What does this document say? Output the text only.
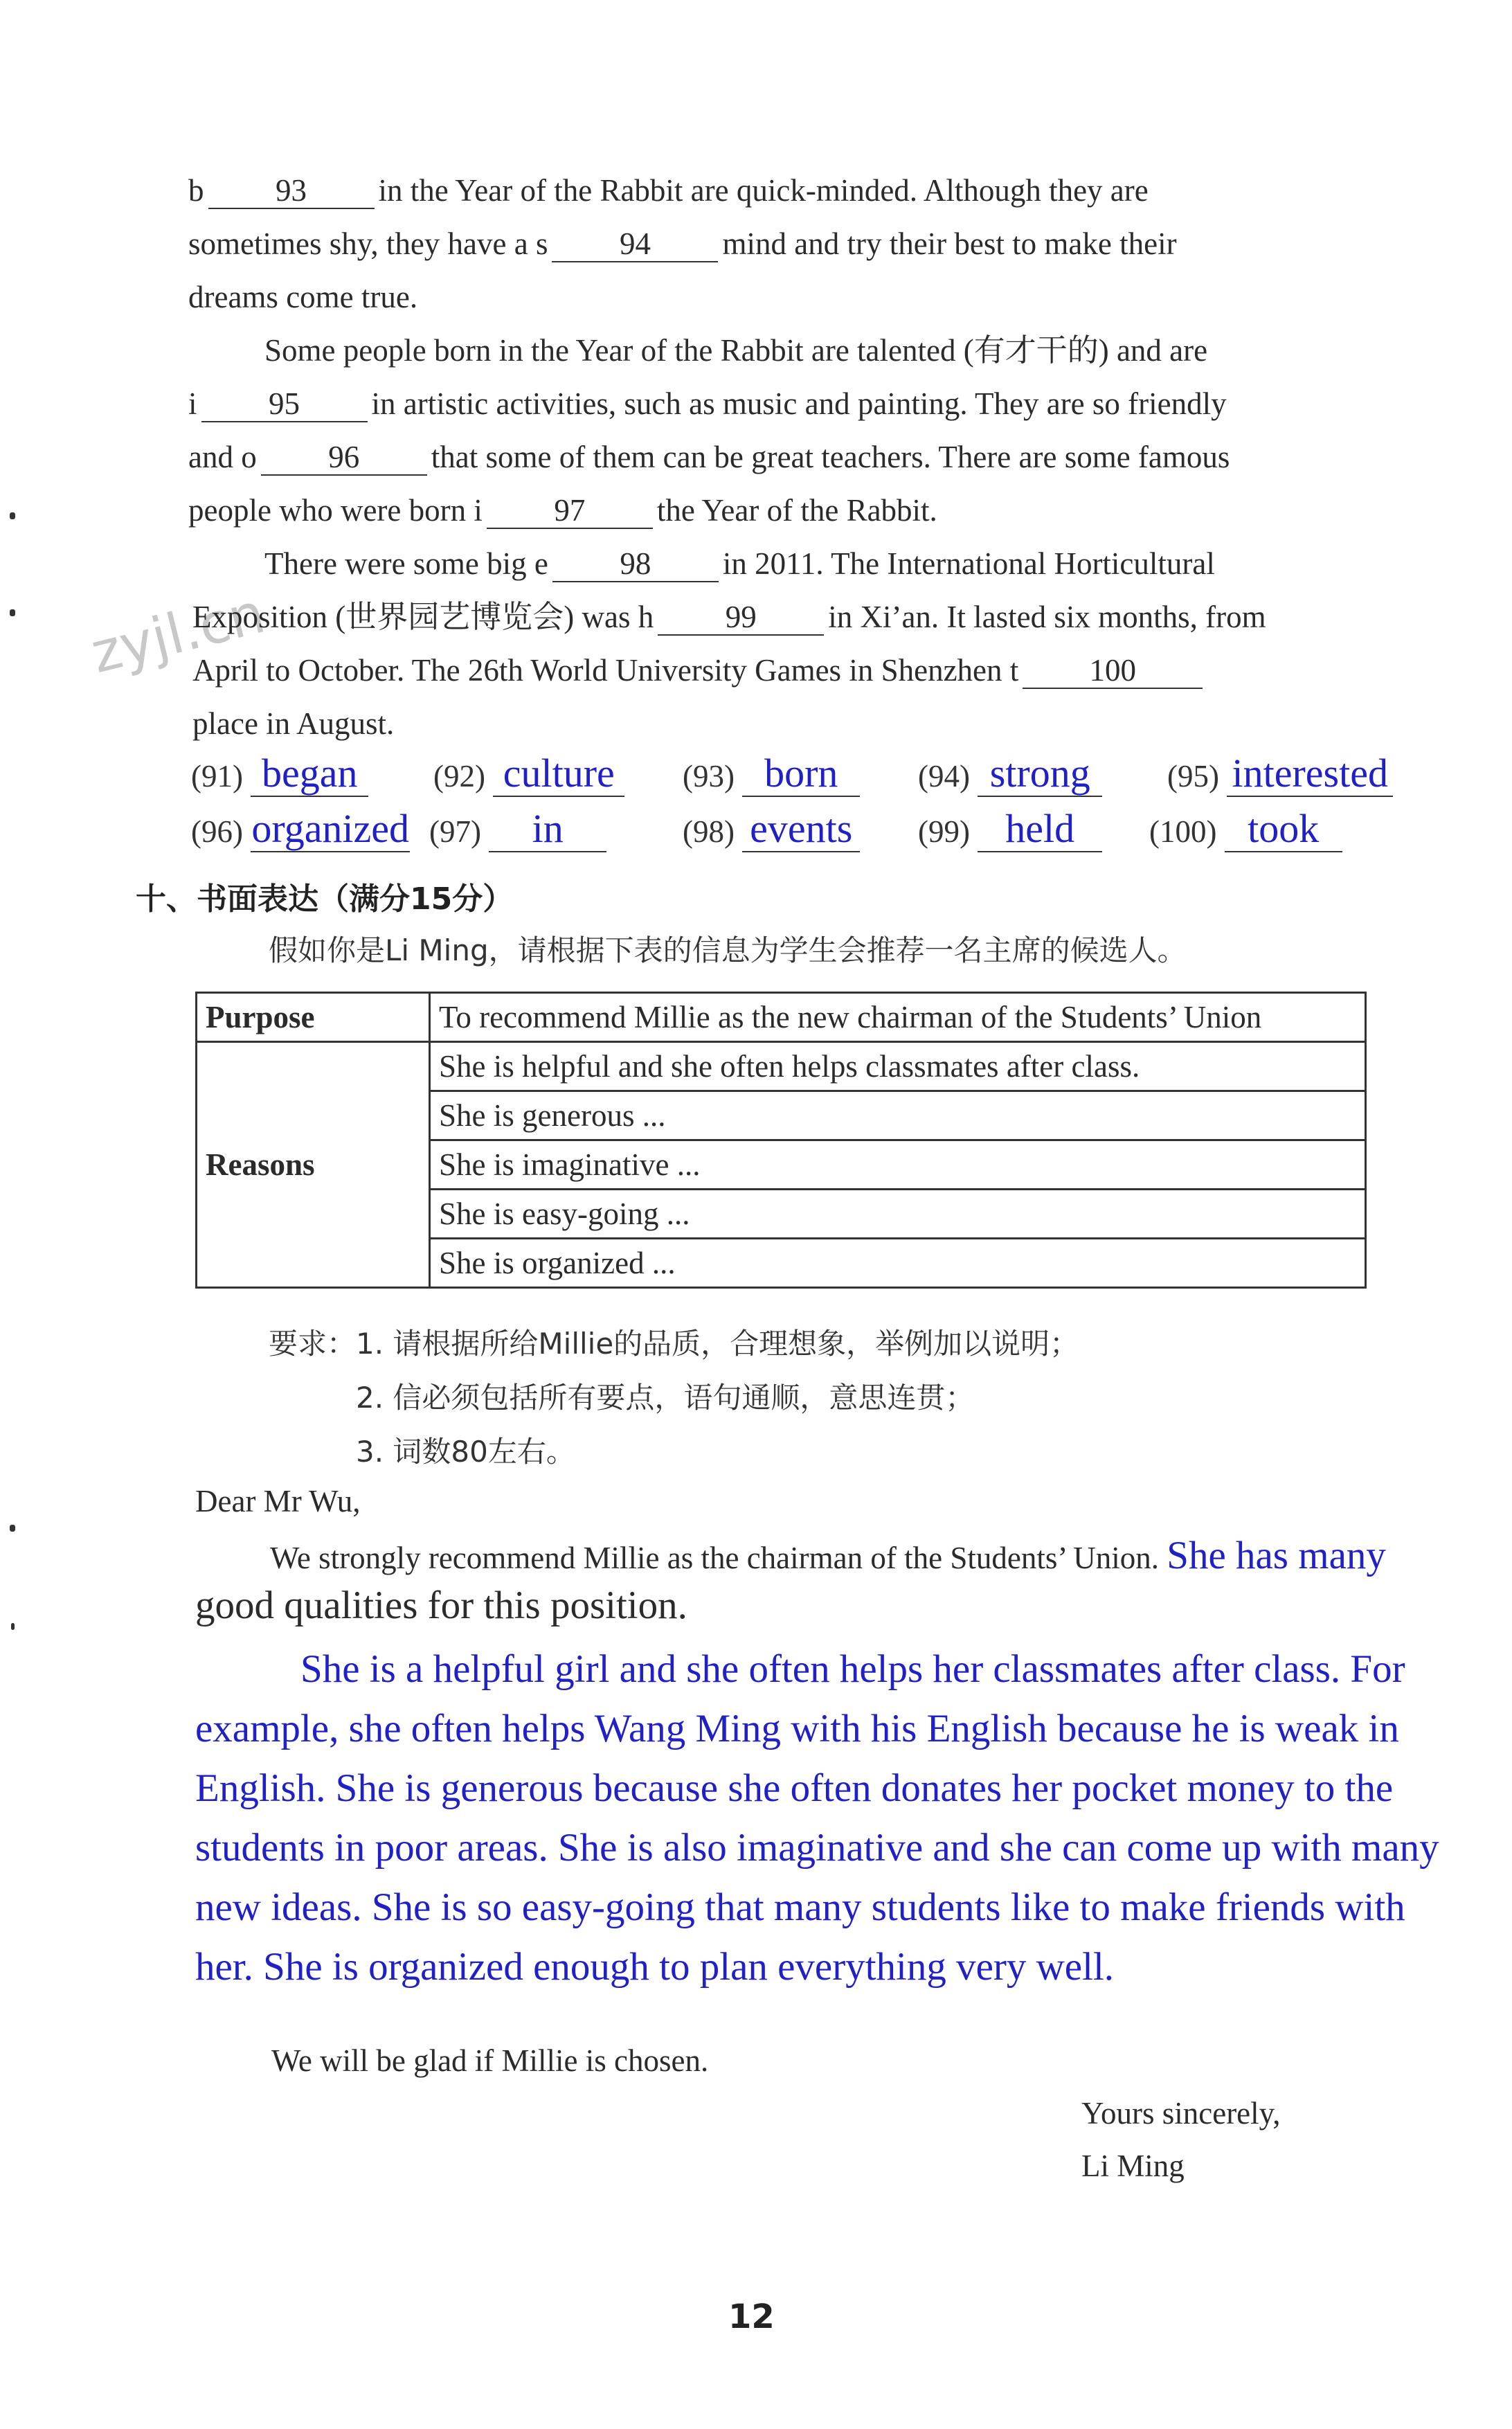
zyjl.cn
b 93 in the Year of the Rabbit are quick-minded. Although they are
sometimes shy, they have a s 94 mind and try their best to make their
dreams come true.
Some people born in the Year of the Rabbit are talented (有才干的) and are
i 95 in artistic activities, such as music and painting. They are so friendly
and o 96 that some of them can be great teachers. There are some famous
people who were born i 97 the Year of the Rabbit.
There were some big e 98 in 2011. The International Horticultural
Exposition (世界园艺博览会) was h 99 in Xi’an. It lasted six months, from
April to October. The 26th World University Games in Shenzhen t 100
place in August.
(91) began	(92) culture	(93) born	(94) strong	(95) interested
(96) organized (97) in	(98) events (99) held	(100) took
十、书面表达（满分15分）
假如你是Li Ming，请根据下表的信息为学生会推荐一名主席的候选人。
Purpose	To recommend Millie as the new chairman of the Students’ Union
Reasons	She is helpful and she often helps classmates after class.
	She is generous ...
	She is imaginative ...
	She is easy-going ...
	She is organized ...
要求：1. 请根据所给Millie的品质，合理想象，举例加以说明；
2. 信必须包括所有要点，语句通顺，意思连贯；
3. 词数80左右。
Dear Mr Wu,
We strongly recommend Millie as the chairman of the Students’ Union. She has many
good qualities for this position.
She is a helpful girl and she often helps her classmates after class. For
example, she often helps Wang Ming with his English because he is weak in
English. She is generous because she often donates her pocket money to the
students in poor areas. She is also imaginative and she can come up with many
new ideas. She is so easy-going that many students like to make friends with
her. She is organized enough to plan everything very well.
We will be glad if Millie is chosen.
Yours sincerely,
Li Ming
12
